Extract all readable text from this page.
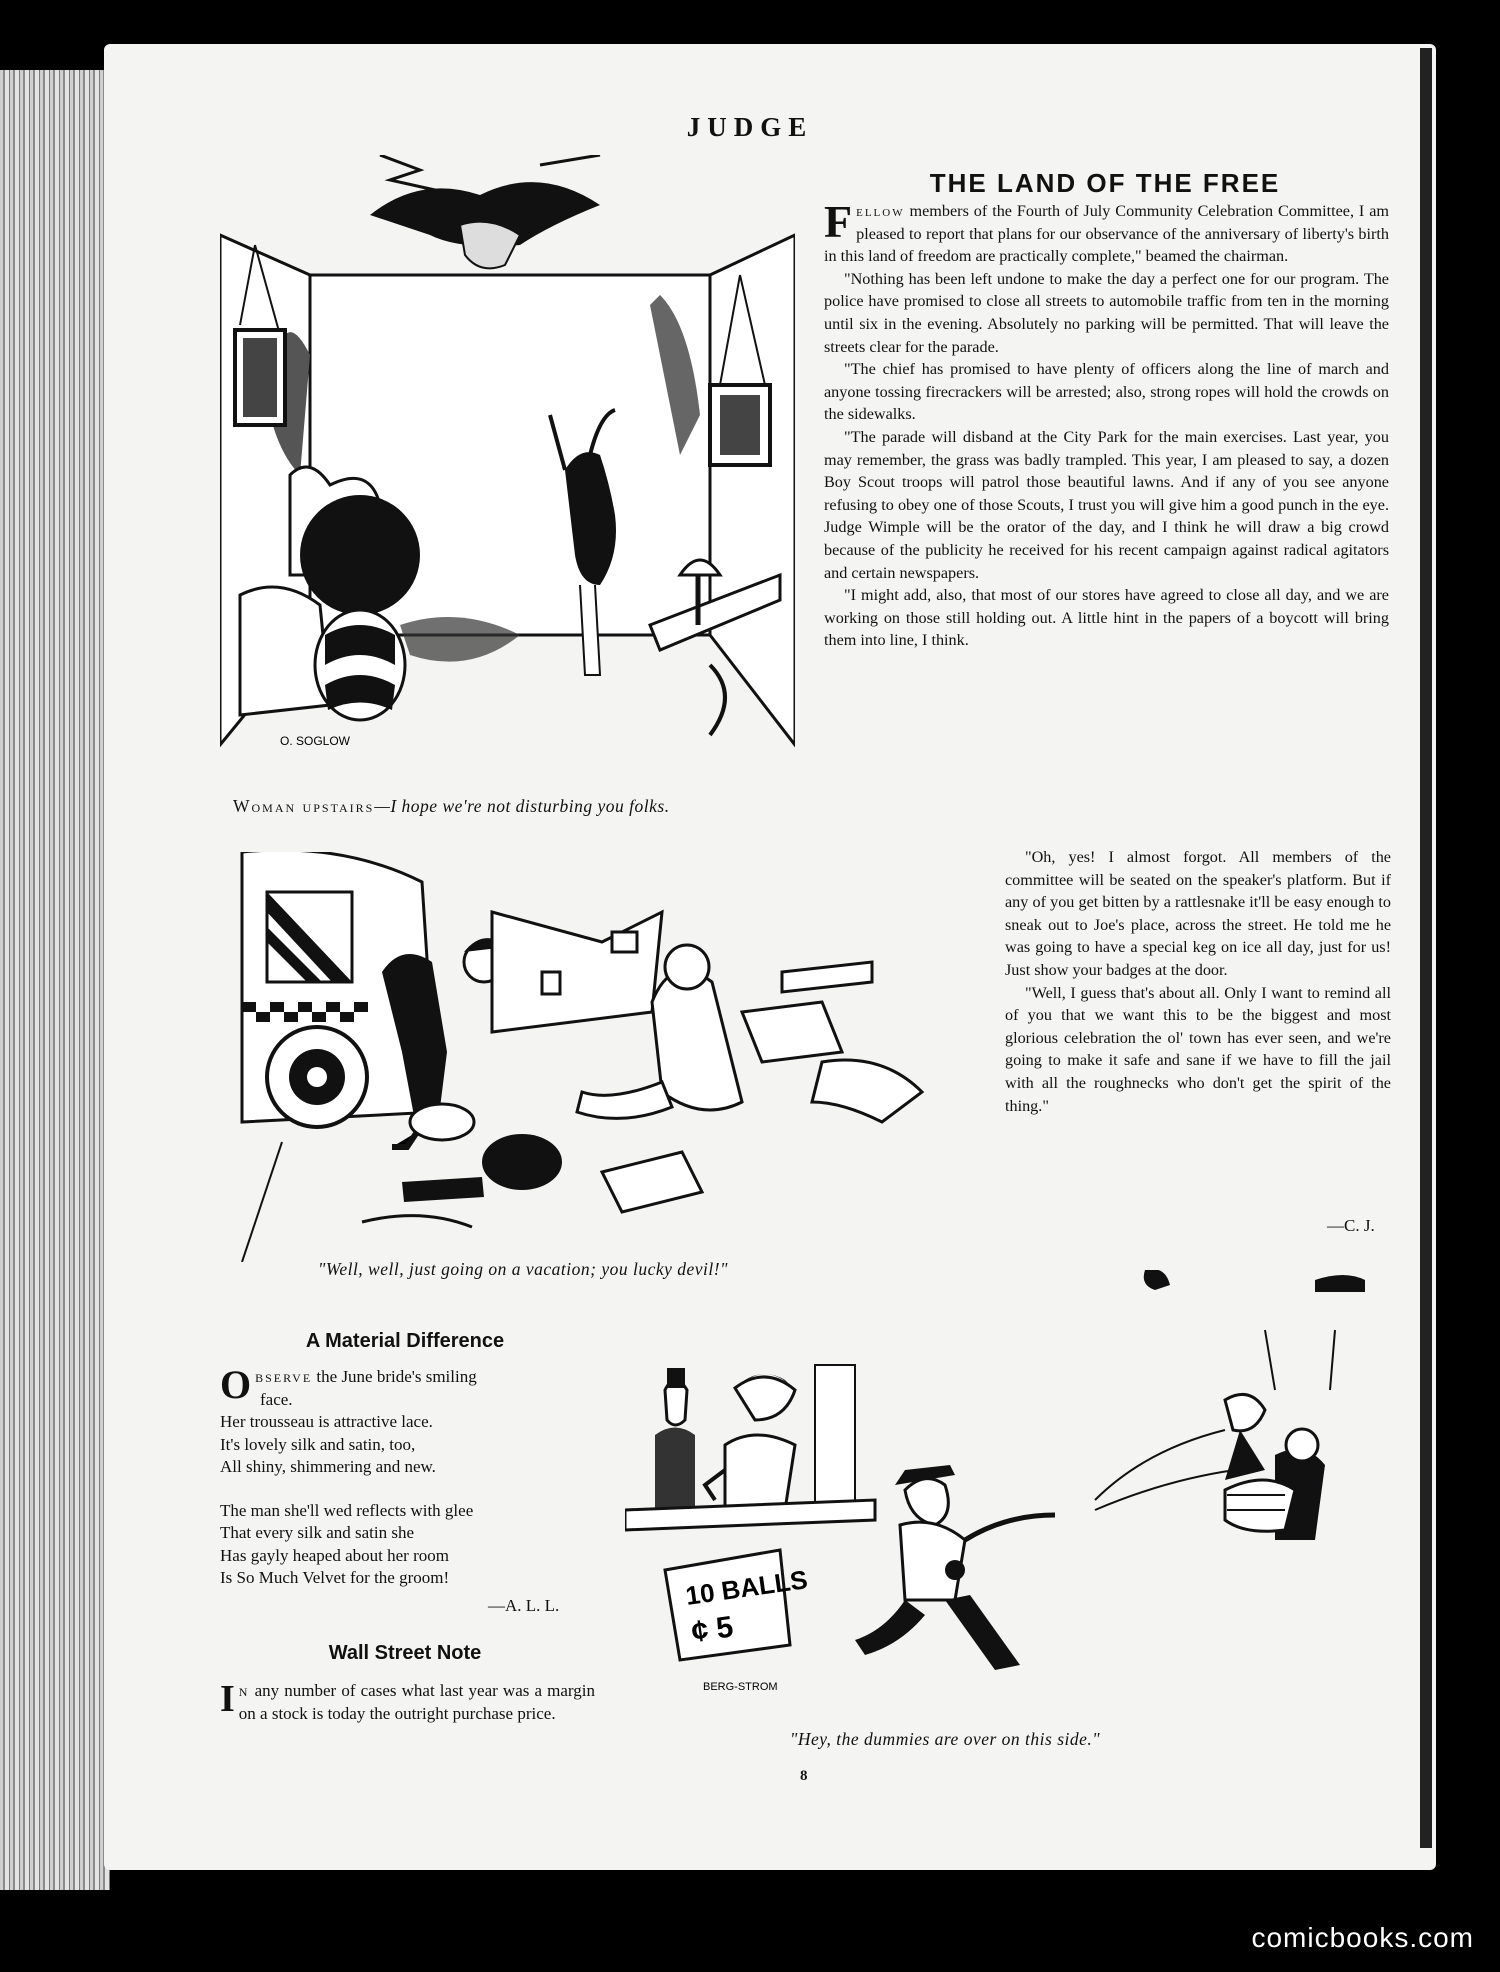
JUDGE
O. SOGLOW
Woman upstairs—I hope we're not disturbing you folks.
"Well, well, just going on a vacation; you lucky devil!"
THE LAND OF THE FREE

Fellow members of the Fourth of July Community Celebration Committee, I am pleased to report that plans for our observance of the anniversary of liberty's birth in this land of freedom are practically complete," beamed the chairman.

"Nothing has been left undone to make the day a perfect one for our program. The police have promised to close all streets to automobile traffic from ten in the morning until six in the evening. Absolutely no parking will be permitted. That will leave the streets clear for the parade.

"The chief has promised to have plenty of officers along the line of march and anyone tossing firecrackers will be arrested; also, strong ropes will hold the crowds on the sidewalks.

"The parade will disband at the City Park for the main exercises. Last year, you may remember, the grass was badly trampled. This year, I am pleased to say, a dozen Boy Scout troops will patrol those beautiful lawns. And if any of you see anyone refusing to obey one of those Scouts, I trust you will give him a good punch in the eye. Judge Wimple will be the orator of the day, and I think he will draw a big crowd because of the publicity he received for his recent campaign against radical agitators and certain newspapers.

"I might add, also, that most of our stores have agreed to close all day, and we are working on those still holding out. A little hint in the papers of a boycott will bring them into line, I think.

"Oh, yes! I almost forgot. All members of the committee will be seated on the speaker's platform. But if any of you get bitten by a rattlesnake it'll be easy enough to sneak out to Joe's place, across the street. He told me he was going to have a special keg on ice all day, just for us! Just show your badges at the door.

"Well, I guess that's about all. Only I want to remind all of you that we want this to be the biggest and most glorious celebration the ol' town has ever seen, and we're going to make it safe and sane if we have to fill the jail with all the roughnecks who don't get the spirit of the thing."

—C. J.
A Material Difference
Observe the June bride's smiling
face.
Her trousseau is attractive lace.
It's lovely silk and satin, too,
All shiny, shimmering and new.
The man she'll wed reflects with glee
That every silk and satin she
Has gayly heaped about her room
Is So Much Velvet for the groom!
—A. L. L.
Wall Street Note

In any number of cases what last year was a margin on a stock is today the outright purchase price.

10 BALLS
¢ 5
BERG-STROM
"Hey, the dummies are over on this side."
8
comicbooks.com
